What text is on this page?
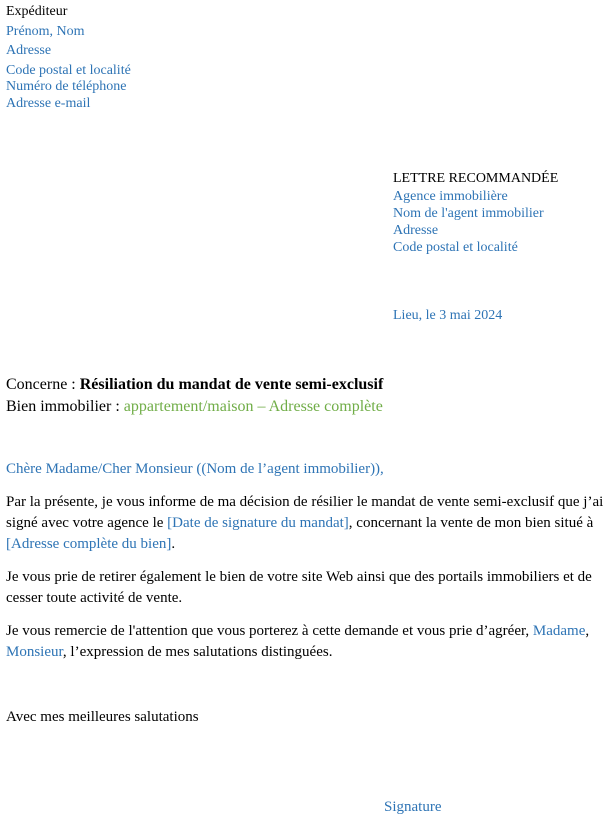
Expéditeur
Prénom, Nom
Adresse
Code postal et localité
Numéro de téléphone
Adresse e-mail
LETTRE RECOMMANDÉE
Agence immobilière
Nom de l'agent immobilier
Adresse
Code postal et localité
Lieu, le 3 mai 2024
Concerne : Résiliation du mandat de vente semi-exclusif
Bien immobilier : appartement/maison – Adresse complète
Chère Madame/Cher Monsieur ((Nom de l’agent immobilier)),
Par la présente, je vous informe de ma décision de résilier le mandat de vente semi-exclusif que j’ai signé avec votre agence le [Date de signature du mandat], concernant la vente de mon bien situé à [Adresse complète du bien].
Je vous prie de retirer également le bien de votre site Web ainsi que des portails immobiliers et de cesser toute activité de vente.
Je vous remercie de l'attention que vous porterez à cette demande et vous prie d’agréer, Madame, Monsieur, l’expression de mes salutations distinguées.
Avec mes meilleures salutations
Signature
